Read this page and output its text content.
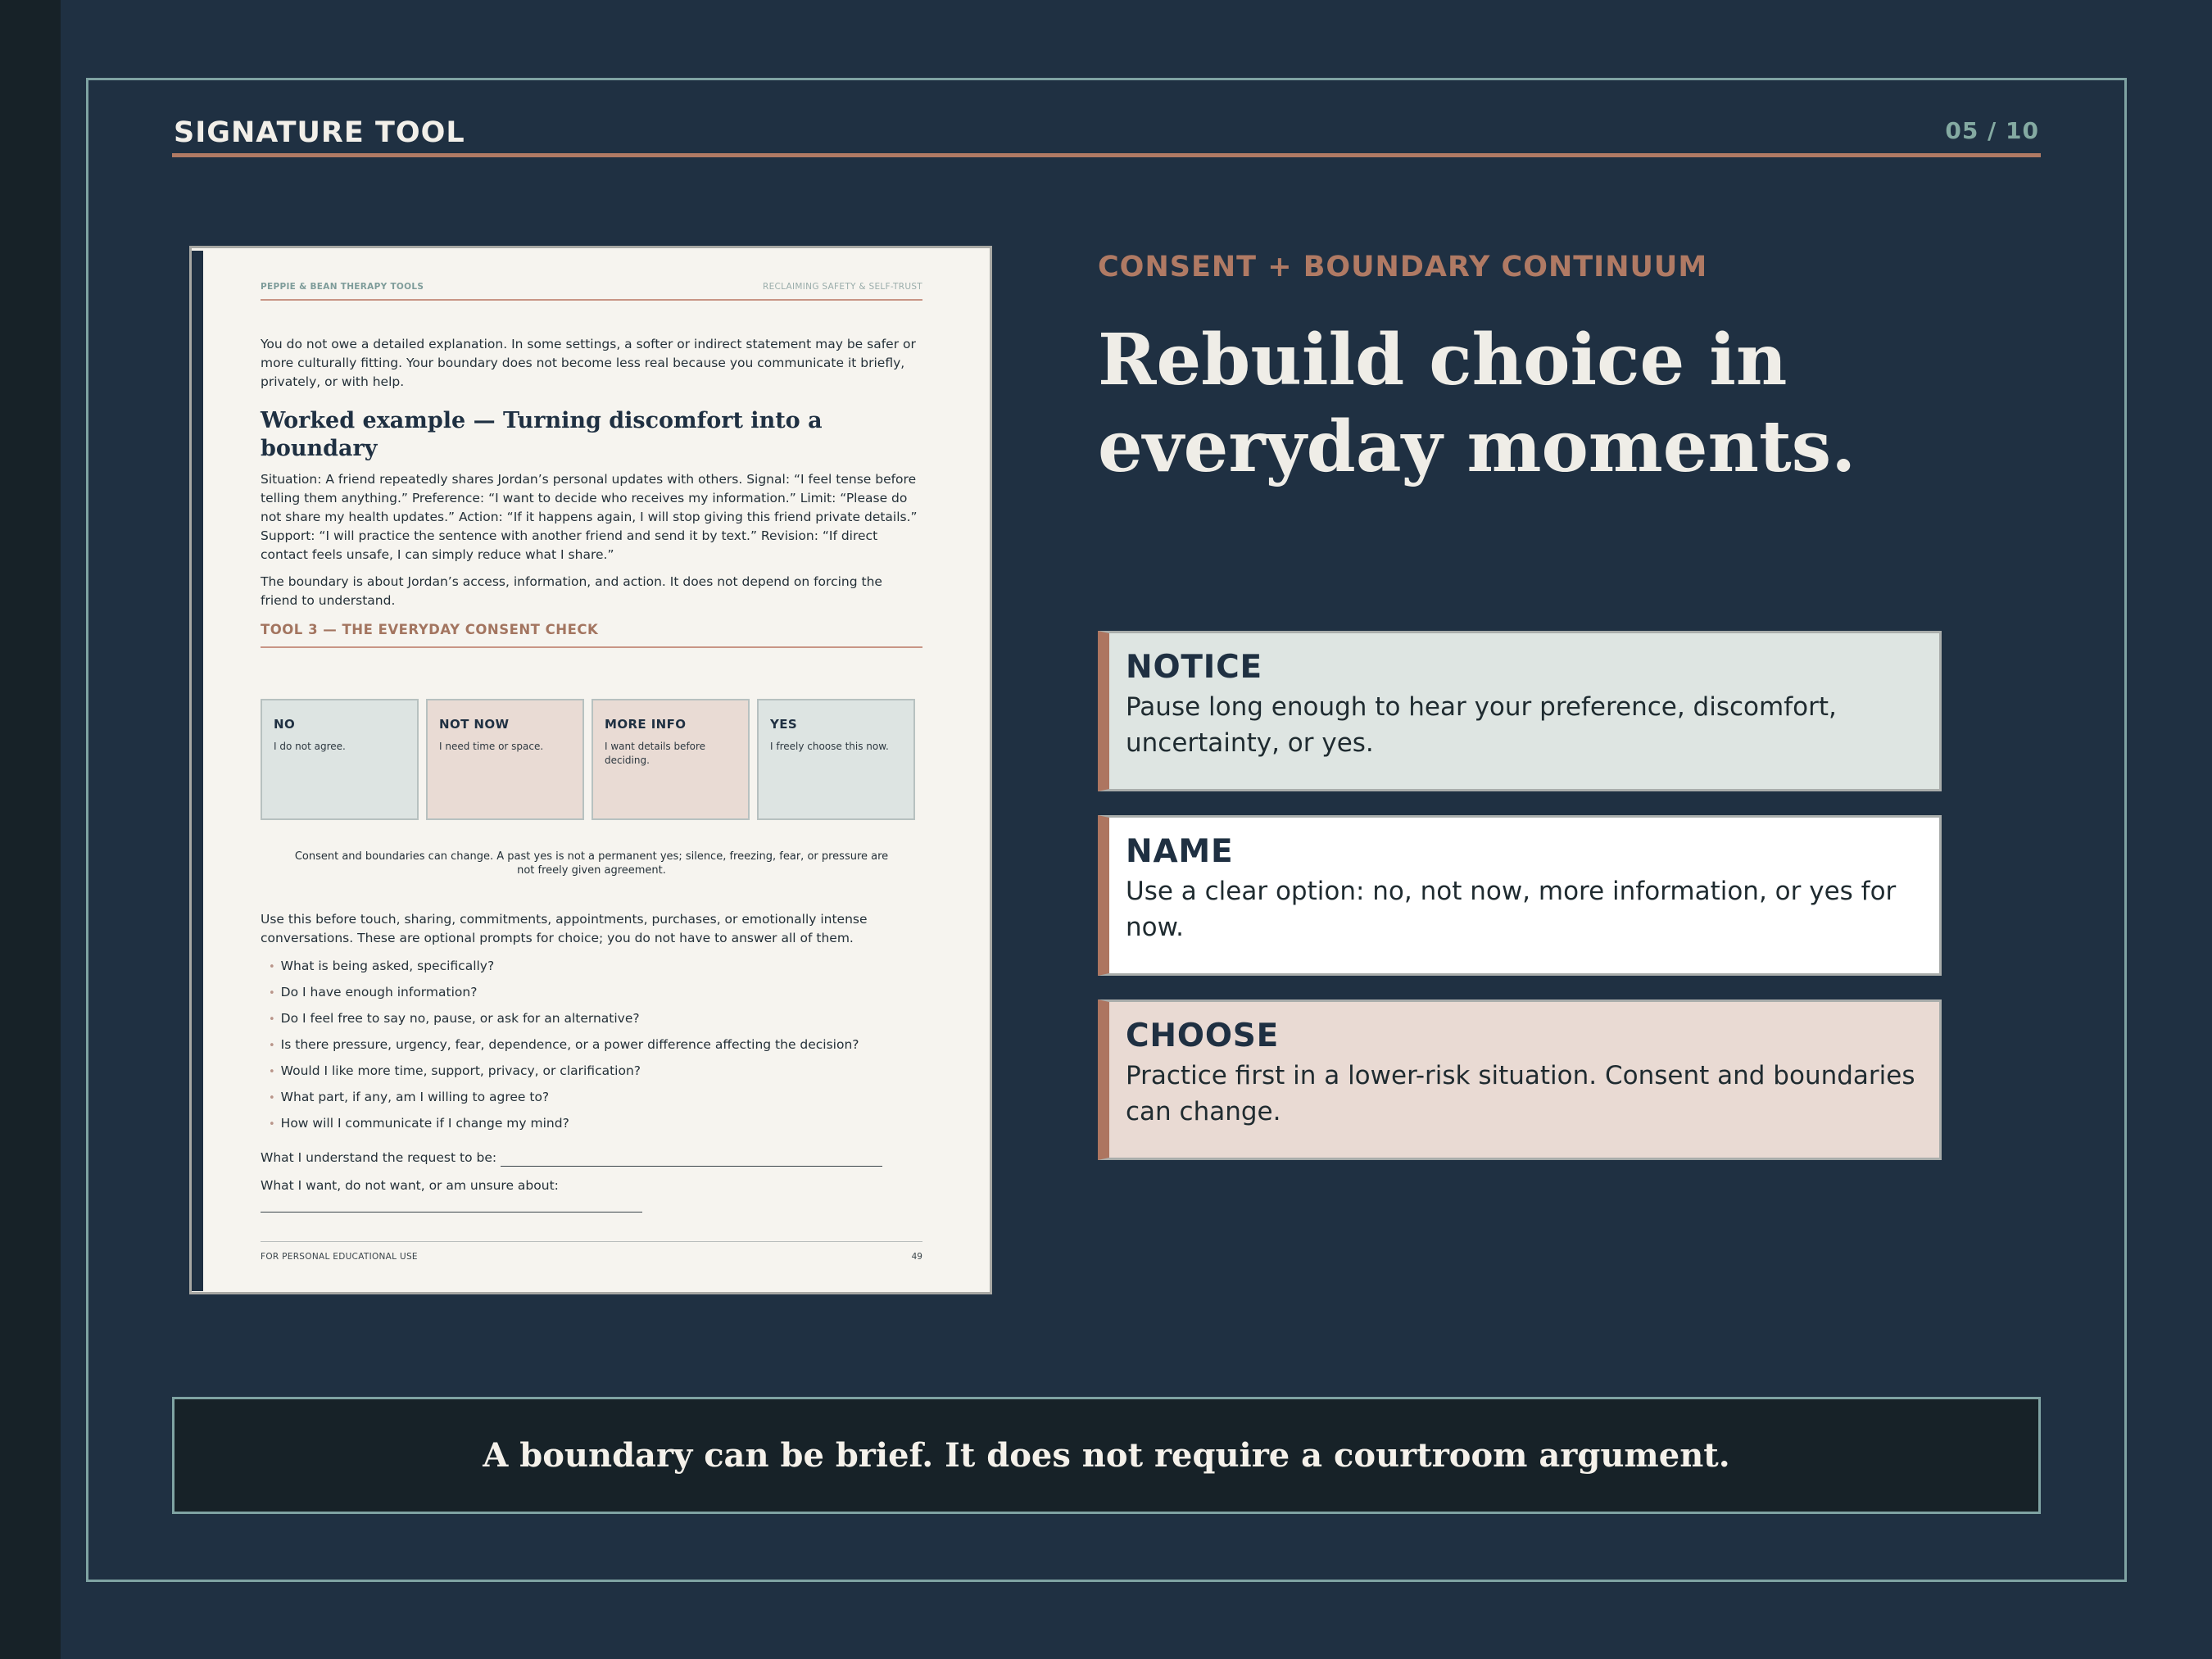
SIGNATURE TOOL	05 / 10
PEPPIE & BEAN THERAPY TOOLS	RECLAIMING SAFETY & SELF-TRUST
You do not owe a detailed explanation. In some settings, a softer or indirect statement may be safer or more culturally fitting. Your boundary does not become less real because you communicate it briefly, privately, or with help.
Worked example — Turning discomfort into a boundary
Situation: A friend repeatedly shares Jordan’s personal updates with others. Signal: “I feel tense before telling them anything.” Preference: “I want to decide who receives my information.” Limit: “Please do not share my health updates.” Action: “If it happens again, I will stop giving this friend private details.” Support: “I will practice the sentence with another friend and send it by text.” Revision: “If direct contact feels unsafe, I can simply reduce what I share.”
The boundary is about Jordan’s access, information, and action. It does not depend on forcing the friend to understand.
TOOL 3 — THE EVERYDAY CONSENT CHECK
NO
I do not agree.
NOT NOW
I need time or space.
MORE INFO
I want details before deciding.
YES
I freely choose this now.
Consent and boundaries can change. A past yes is not a permanent yes; silence, freezing, fear, or pressure are not freely given agreement.
Use this before touch, sharing, commitments, appointments, purchases, or emotionally intense conversations. These are optional prompts for choice; you do not have to answer all of them.
• What is being asked, specifically?
• Do I have enough information?
• Do I feel free to say no, pause, or ask for an alternative?
• Is there pressure, urgency, fear, dependence, or a power difference affecting the decision?
• Would I like more time, support, privacy, or clarification?
• What part, if any, am I willing to agree to?
• How will I communicate if I change my mind?
What I understand the request to be:
What I want, do not want, or am unsure about:
FOR PERSONAL EDUCATIONAL USE	49
CONSENT + BOUNDARY CONTINUUM
Rebuild choice in everyday moments.
NOTICE
Pause long enough to hear your preference, discomfort, uncertainty, or yes.
NAME
Use a clear option: no, not now, more information, or yes for now.
CHOOSE
Practice first in a lower-risk situation. Consent and boundaries can change.
A boundary can be brief. It does not require a courtroom argument.
